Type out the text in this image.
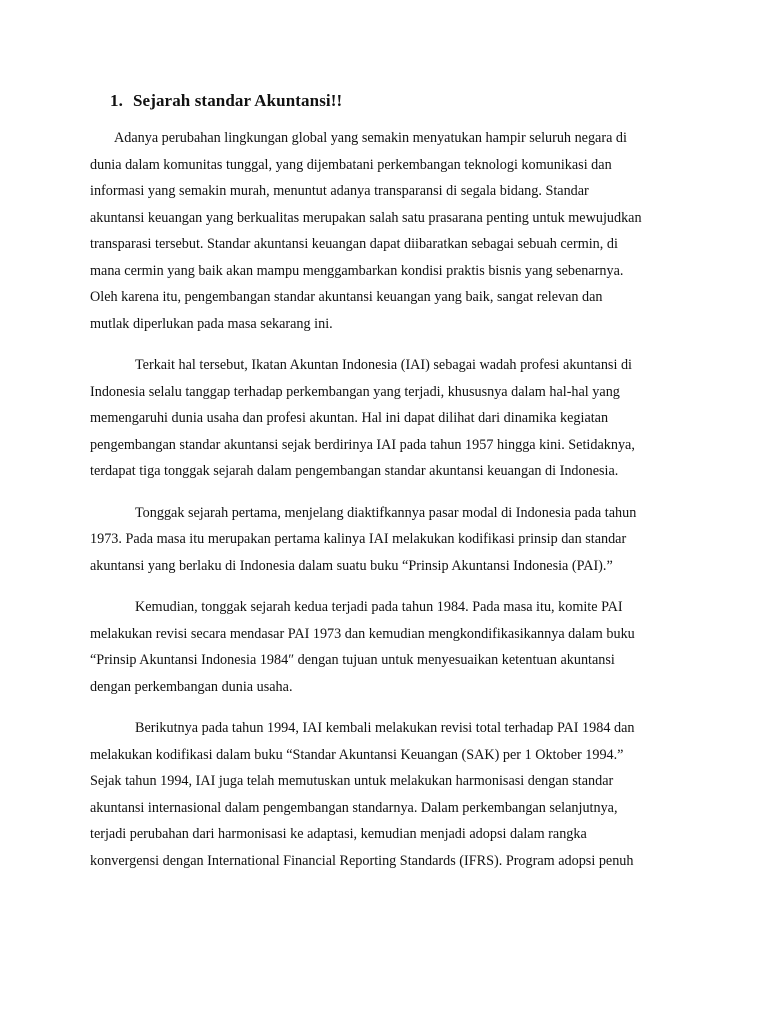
1. Sejarah standar Akuntansi!!
Adanya perubahan lingkungan global yang semakin menyatukan hampir seluruh negara di
dunia dalam komunitas tunggal, yang dijembatani perkembangan teknologi komunikasi dan
informasi yang semakin murah, menuntut adanya transparansi di segala bidang. Standar
akuntansi keuangan yang berkualitas merupakan salah satu prasarana penting untuk mewujudkan
transparasi tersebut. Standar akuntansi keuangan dapat diibaratkan sebagai sebuah cermin, di
mana cermin yang baik akan mampu menggambarkan kondisi praktis bisnis yang sebenarnya.
Oleh karena itu, pengembangan standar akuntansi keuangan yang baik, sangat relevan dan
mutlak diperlukan pada masa sekarang ini.
Terkait hal tersebut, Ikatan Akuntan Indonesia (IAI) sebagai wadah profesi akuntansi di
Indonesia selalu tanggap terhadap perkembangan yang terjadi, khususnya dalam hal-hal yang
memengaruhi dunia usaha dan profesi akuntan. Hal ini dapat dilihat dari dinamika kegiatan
pengembangan standar akuntansi sejak berdirinya IAI pada tahun 1957 hingga kini. Setidaknya,
terdapat tiga tonggak sejarah dalam pengembangan standar akuntansi keuangan di Indonesia.
Tonggak sejarah pertama, menjelang diaktifkannya pasar modal di Indonesia pada tahun
1973. Pada masa itu merupakan pertama kalinya IAI melakukan kodifikasi prinsip dan standar
akuntansi yang berlaku di Indonesia dalam suatu buku “Prinsip Akuntansi Indonesia (PAI).”
Kemudian, tonggak sejarah kedua terjadi pada tahun 1984. Pada masa itu, komite PAI
melakukan revisi secara mendasar PAI 1973 dan kemudian mengkondifikasikannya dalam buku
“Prinsip Akuntansi Indonesia 1984″ dengan tujuan untuk menyesuaikan ketentuan akuntansi
dengan perkembangan dunia usaha.
Berikutnya pada tahun 1994, IAI kembali melakukan revisi total terhadap PAI 1984 dan
melakukan kodifikasi dalam buku “Standar Akuntansi Keuangan (SAK) per 1 Oktober 1994.”
Sejak tahun 1994, IAI juga telah memutuskan untuk melakukan harmonisasi dengan standar
akuntansi internasional dalam pengembangan standarnya. Dalam perkembangan selanjutnya,
terjadi perubahan dari harmonisasi ke adaptasi, kemudian menjadi adopsi dalam rangka
konvergensi dengan International Financial Reporting Standards (IFRS). Program adopsi penuh
